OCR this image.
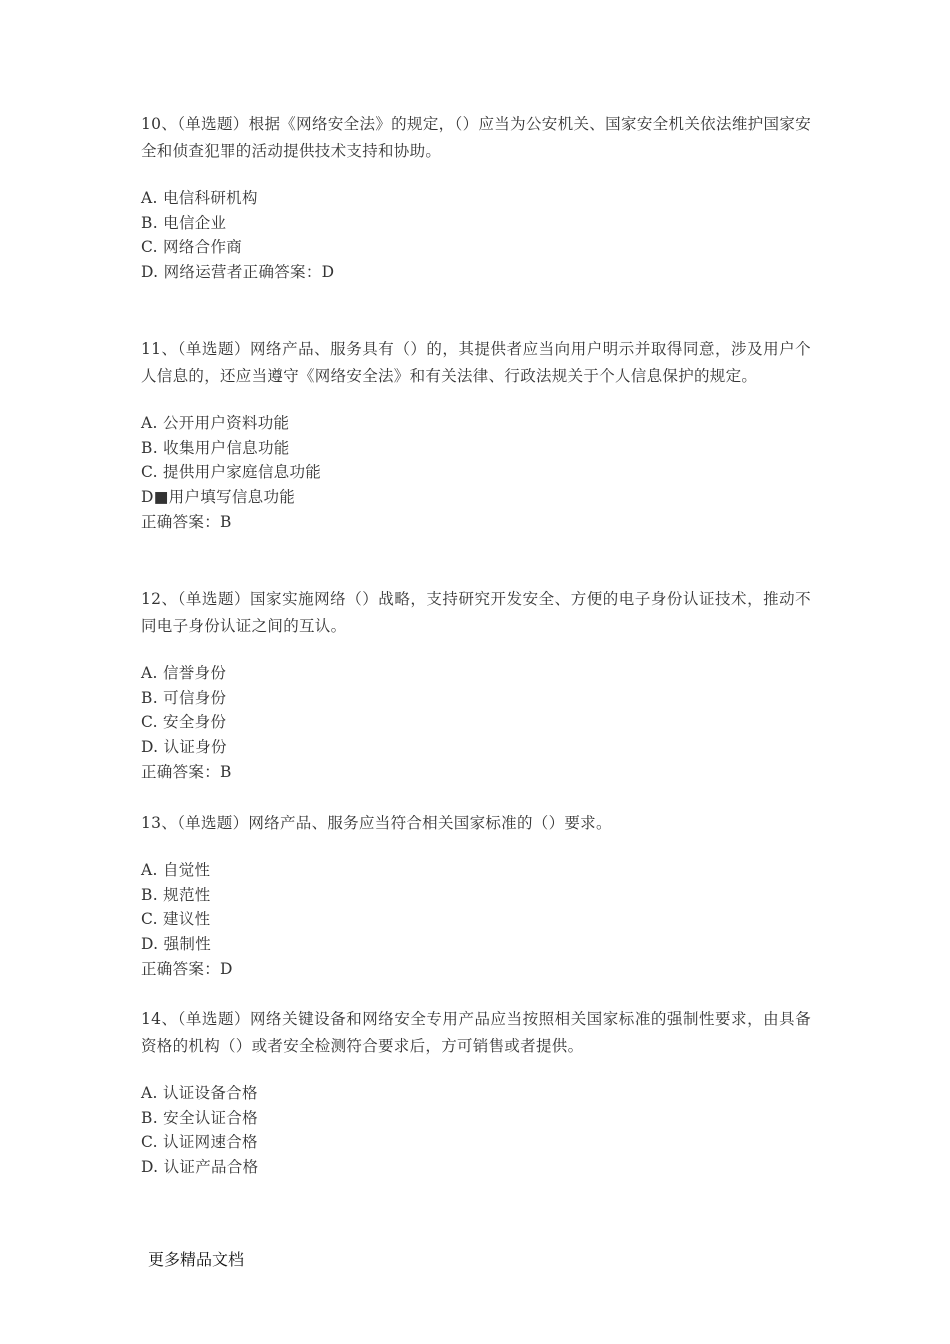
10、（单选题）根据《网络安全法》的规定，（）应当为公安机关、国家安全机关依法维护国家安全和侦查犯罪的活动提供技术支持和协助。

A. 电信科研机构
B. 电信企业
C. 网络合作商
D. 网络运营者正确答案：D

11、（单选题）网络产品、服务具有（）的，其提供者应当向用户明示并取得同意，涉及用户个人信息的，还应当遵守《网络安全法》和有关法律、行政法规关于个人信息保护的规定。

A. 公开用户资料功能
B. 收集用户信息功能
C. 提供用户家庭信息功能
D■用户填写信息功能
正确答案：B

12、（单选题）国家实施网络（）战略，支持研究开发安全、方便的电子身份认证技术，推动不同电子身份认证之间的互认。

A. 信誉身份
B. 可信身份
C. 安全身份
D. 认证身份
正确答案：B

13、（单选题）网络产品、服务应当符合相关国家标准的（）要求。

A. 自觉性
B. 规范性
C. 建议性
D. 强制性
正确答案：D

14、（单选题）网络关键设备和网络安全专用产品应当按照相关国家标准的强制性要求，由具备资格的机构（）或者安全检测符合要求后，方可销售或者提供。

A. 认证设备合格
B. 安全认证合格
C. 认证网速合格
D. 认证产品合格
更多精品文档
